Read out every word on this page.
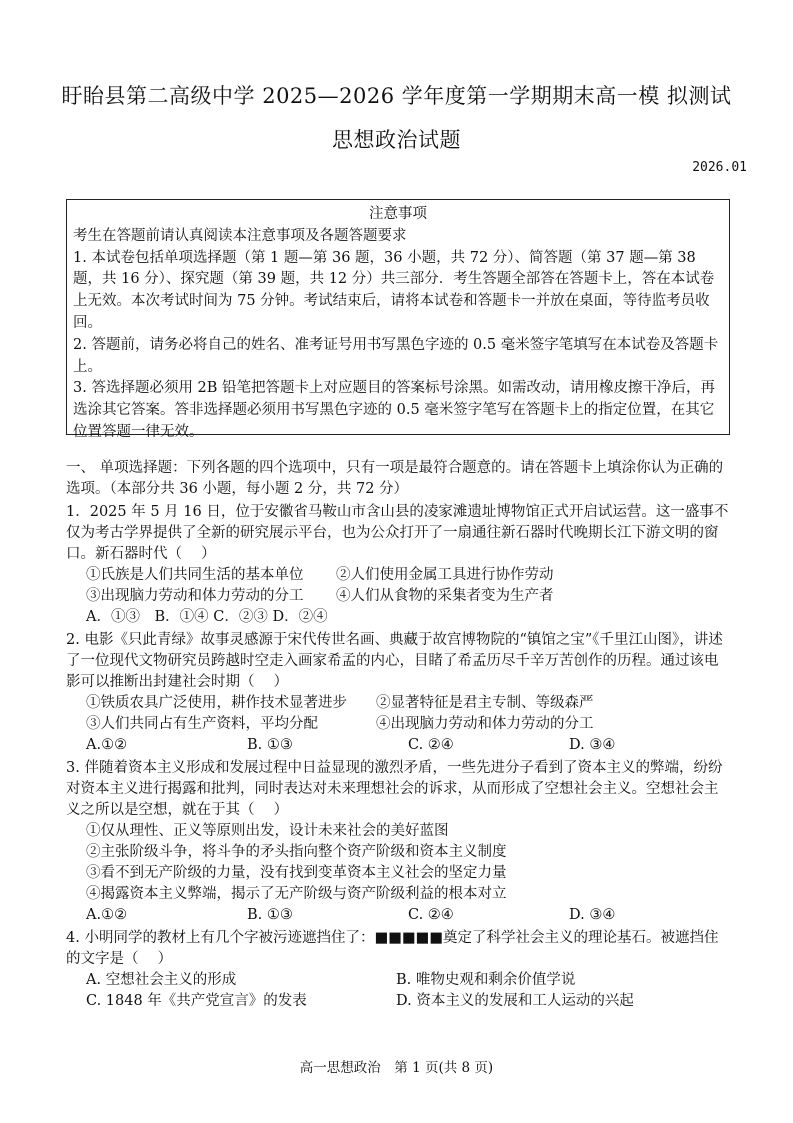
盱眙县第二高级中学 2025—2026 学年度第一学期期末高一模 拟测试
思想政治试题
2026.01

注意事项

考生在答题前请认真阅读本注意事项及各题答题要求

1. 本试卷包括单项选择题（第 1 题—第 36 题，36 小题，共 72 分）、简答题（第 37 题—第 38 题，共 16 分）、探究题（第 39 题，共 12 分）共三部分．考生答题全部答在答题卡上，答在本试卷上无效。本次考试时间为 75 分钟。考试结束后，请将本试卷和答题卡一并放在桌面，等待监考员收回。

2. 答题前，请务必将自己的姓名、准考证号用书写黑色字迹的 0.5 毫米签字笔填写在本试卷及答题卡上。

3. 答选择题必须用 2B 铅笔把答题卡上对应题目的答案标号涂黑。如需改动，请用橡皮擦干净后，再选涂其它答案。答非选择题必须用书写黑色字迹的 0.5 毫米签字笔写在答题卡上的指定位置，在其它位置答题一律无效。

一、 单项选择题：下列各题的四个选项中，只有一项是最符合题意的。请在答题卡上填涂你认为正确的选项。（本部分共 36 小题，每小题 2 分，共 72 分）

1．2025 年 5 月 16 日，位于安徽省马鞍山市含山县的凌家滩遗址博物馆正式开启试运营。这一盛事不仅为考古学界提供了全新的研究展示平台，也为公众打开了一扇通往新石器时代晚期长江下游文明的窗口。新石器时代（　 ）

①氏族是人们共同生活的基本单位	②人们使用金属工具进行协作劳动
③出现脑力劳动和体力劳动的分工	④人们从食物的采集者变为生产者
A．①③　B．①④ C．②③ D．②④

2. 电影《只此青绿》故事灵感源于宋代传世名画、典藏于故宫博物院的“镇馆之宝”《千里江山图》，讲述了一位现代文物研究员跨越时空走入画家希孟的内心，目睹了希孟历尽千辛万苦创作的历程。通过该电影可以推断出封建社会时期（　 ）

①铁质农具广泛使用，耕作技术显著进步	②显著特征是君主专制、等级森严
③人们共同占有生产资料，平均分配	④出现脑力劳动和体力劳动的分工
A.①②	B. ①③	C. ②④	D. ③④

3. 伴随着资本主义形成和发展过程中日益显现的激烈矛盾，一些先进分子看到了资本主义的弊端，纷纷对资本主义进行揭露和批判，同时表达对未来理想社会的诉求，从而形成了空想社会主义。空想社会主义之所以是空想，就在于其（　 ）

①仅从理性、正义等原则出发，设计未来社会的美好蓝图
②主张阶级斗争，将斗争的矛头指向整个资产阶级和资本主义制度
③看不到无产阶级的力量，没有找到变革资本主义社会的坚定力量
④揭露资本主义弊端，揭示了无产阶级与资产阶级利益的根本对立
A.①②	B. ①③	C. ②④	D. ③④

4. 小明同学的教材上有几个字被污迹遮挡住了：■■■■■奠定了科学社会主义的理论基石。被遮挡住的文字是（　 ）

A. 空想社会主义的形成	B. 唯物史观和剩余价值学说
C. 1848 年《共产党宣言》的发表	D. 资本主义的发展和工人运动的兴起
高一思想政治　第 1 页(共 8 页)
